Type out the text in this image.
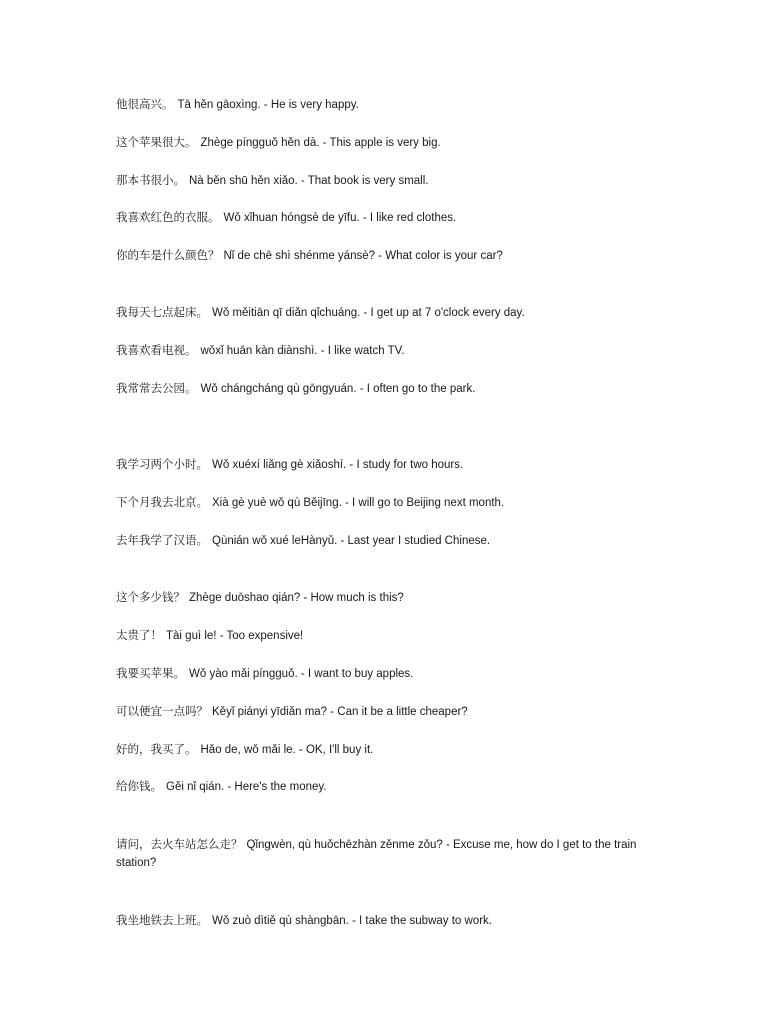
他很高兴。 Tā hěn gāoxìng. - He is very happy.
这个苹果很大。 Zhège píngguǒ hěn dà. - This apple is very big.
那本书很小。 Nà běn shū hěn xiǎo. - That book is very small.
我喜欢红色的衣服。 Wǒ xǐhuan hóngsè de yīfu. - I like red clothes.
你的车是什么颜色？ Nǐ de chē shì shénme yánsè? - What color is your car?
我每天七点起床。 Wǒ měitiān qī diǎn qǐchuáng. - I get up at 7 o'clock every day.
我喜欢看电视。 wǒxǐ huān kàn diànshì. - I like watch TV.
我常常去公园。 Wǒ chángcháng qù gōngyuán. - I often go to the park.
我学习两个小时。 Wǒ xuéxí liǎng gè xiǎoshí. - I study for two hours.
下个月我去北京。 Xià gè yuè wǒ qù Běijīng. - I will go to Beijing next month.
去年我学了汉语。 Qùnián wǒ xué leHànyǔ. - Last year I studied Chinese.
这个多少钱？ Zhège duōshao qián? - How much is this?
太贵了！ Tài guì le! - Too expensive!
我要买苹果。 Wǒ yào mǎi píngguǒ. - I want to buy apples.
可以便宜一点吗？ Kěyǐ piányi yīdiǎn ma? - Can it be a little cheaper?
好的，我买了。 Hǎo de, wǒ mǎi le. - OK, I'll buy it.
给你钱。 Gěi nǐ qián. - Here's the money.
请问，去火车站怎么走？ Qǐngwèn, qù huǒchēzhàn zěnme zǒu? - Excuse me, how do I get to the train station?
我坐地铁去上班。 Wǒ zuò dìtiě qù shàngbān. - I take the subway to work.
